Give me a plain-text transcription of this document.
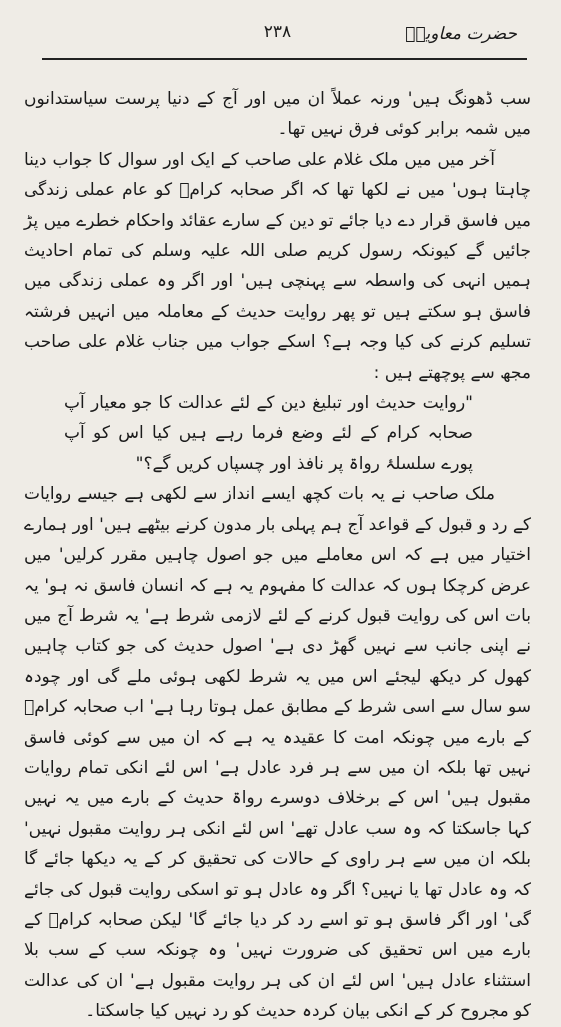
حضرت معاویہؓ
۲۳۸

سب ڈھونگ ہیں' ورنہ عملاً ان میں اور آج کے دنیا پرست سیاستدانوں میں شمہ برابر کوئی فرق نہیں تھا۔

آخر میں میں ملک غلام علی صاحب کے ایک اور سوال کا جواب دینا چاہتا ہوں' میں نے لکھا تھا کہ اگر صحابہ کرامؓ کو عام عملی زندگی میں فاسق قرار دے دیا جائے تو دین کے سارے عقائد واحکام خطرے میں پڑ جائیں گے کیونکہ رسول کریم صلی اللہ علیہ وسلم کی تمام احادیث ہمیں انہی کی واسطہ سے پہنچی ہیں' اور اگر وہ عملی زندگی میں فاسق ہو سکتے ہیں تو پھر روایت حدیث کے معاملہ میں انہیں فرشتہ تسلیم کرنے کی کیا وجہ ہے؟ اسکے جواب میں جناب غلام علی صاحب مجھ سے پوچھتے ہیں :

"روایت حدیث اور تبلیغ دین کے لئے عدالت کا جو معیار آپ صحابہ کرام کے لئے وضع فرما رہے ہیں کیا اس کو آپ پورے سلسلۂ رواۃ پر نافذ اور چسپاں کریں گے؟"

ملک صاحب نے یہ بات کچھ ایسے انداز سے لکھی ہے جیسے روایات کے رد و قبول کے قواعد آج ہم پہلی بار مدون کرنے بیٹھے ہیں' اور ہمارے اختیار میں ہے کہ اس معاملے میں جو اصول چاہیں مقرر کرلیں' میں عرض کرچکا ہوں کہ عدالت کا مفہوم یہ ہے کہ انسان فاسق نہ ہو' یہ بات اس کی روایت قبول کرنے کے لئے لازمی شرط ہے' یہ شرط آج میں نے اپنی جانب سے نہیں گھڑ دی ہے' اصول حدیث کی جو کتاب چاہیں کھول کر دیکھ لیجئے اس میں یہ شرط لکھی ہوئی ملے گی اور چودہ سو سال سے اسی شرط کے مطابق عمل ہوتا رہا ہے' اب صحابہ کرامؓ کے بارے میں چونکہ امت کا عقیدہ یہ ہے کہ ان میں سے کوئی فاسق نہیں تھا بلکہ ان میں سے ہر فرد عادل ہے' اس لئے انکی تمام روایات مقبول ہیں' اس کے برخلاف دوسرے رواۃ حدیث کے بارے میں یہ نہیں کہا جاسکتا کہ وہ سب عادل تھے' اس لئے انکی ہر روایت مقبول نہیں' بلکہ ان میں سے ہر راوی کے حالات کی تحقیق کر کے یہ دیکھا جائے گا کہ وہ عادل تھا یا نہیں؟ اگر وہ عادل ہو تو اسکی روایت قبول کی جائے گی' اور اگر فاسق ہو تو اسے رد کر دیا جائے گا' لیکن صحابہ کرامؓ کے بارے میں اس تحقیق کی ضرورت نہیں' وہ چونکہ سب کے سب بلا استثناء عادل ہیں' اس لئے ان کی ہر روایت مقبول ہے' ان کی عدالت کو مجروح کر کے انکی بیان کردہ حدیث کو رد نہیں کیا جاسکتا۔
